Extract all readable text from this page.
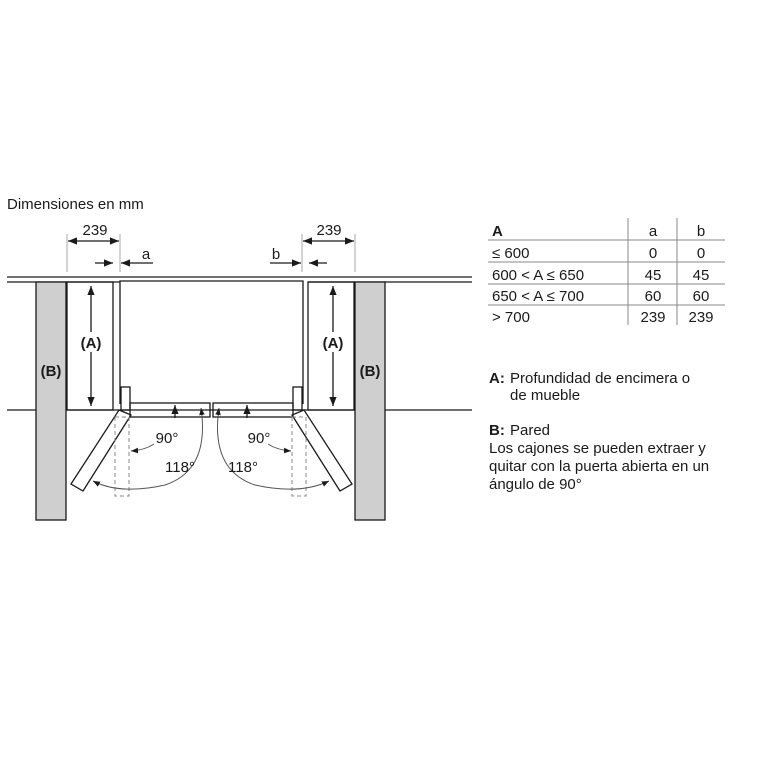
Dimensiones en mm
(B)	(B)
(A)	(A)
90°	90°
118° 118°
239	239
a	b
A	a	b
≤ 600	0	0
600 < A ≤ 650	45 45
650 < A ≤ 700	60 60
> 700	239 239
A: Profundidad de encimera o
de mueble
B: Pared
Los cajones se pueden extraer y
quitar con la puerta abierta en un
ángulo de 90°
